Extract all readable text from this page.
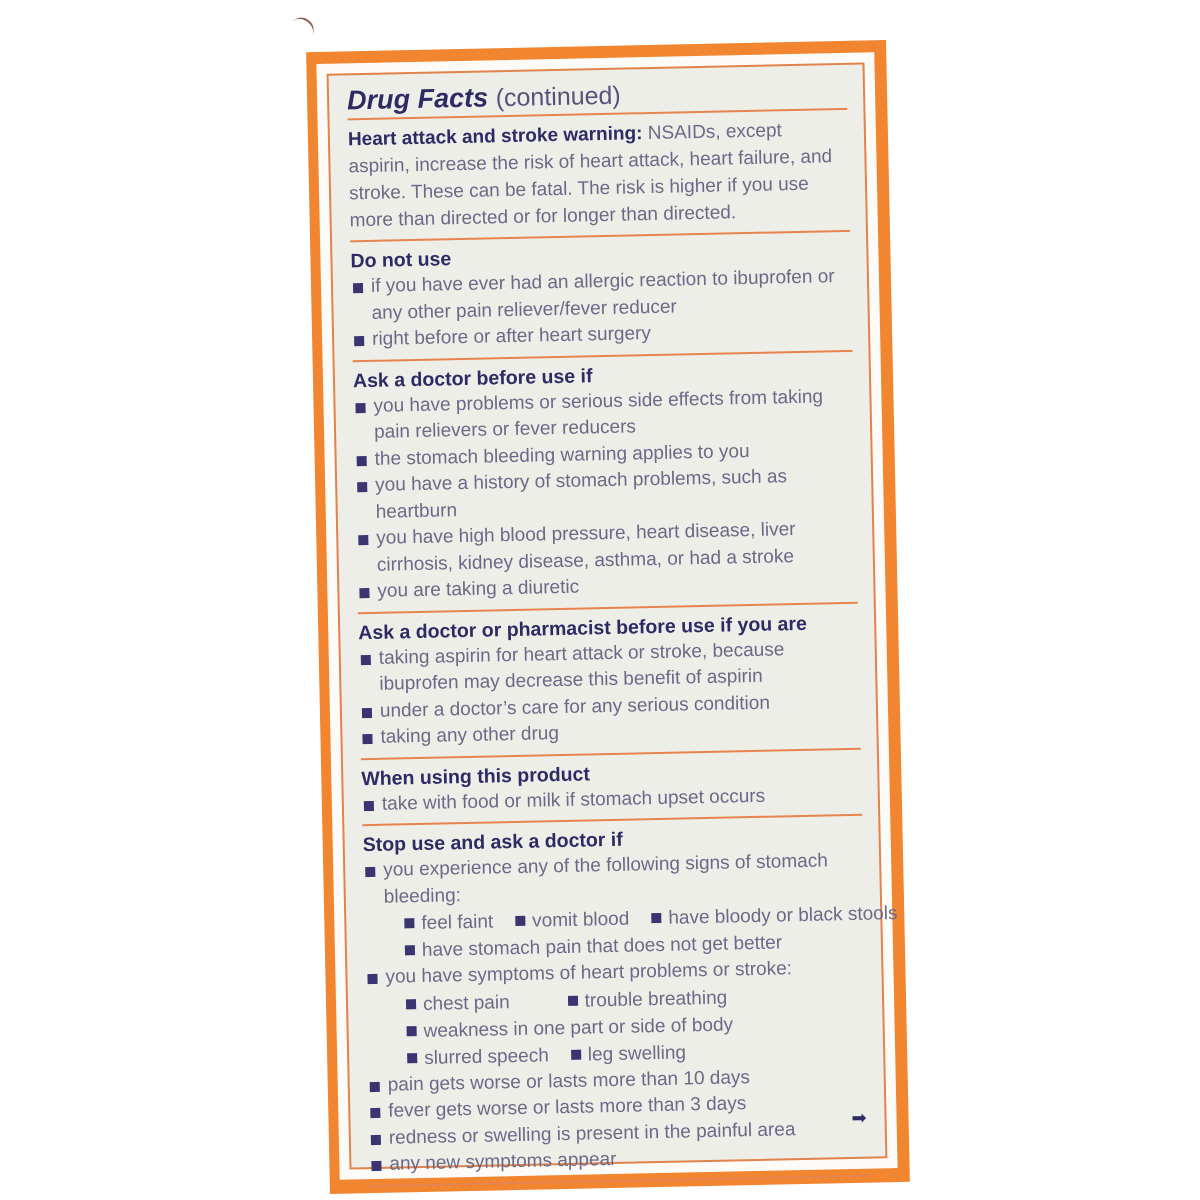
Drug Facts (continued)
Heart attack and stroke warning: NSAIDs, except aspirin, increase the risk of heart attack, heart failure, and stroke. These can be fatal. The risk is higher if you use more than directed or for longer than directed.
Do not use
if you have ever had an allergic reaction to ibuprofen or any other pain reliever/fever reducer
right before or after heart surgery
Ask a doctor before use if
you have problems or serious side effects from taking pain relievers or fever reducers
the stomach bleeding warning applies to you
you have a history of stomach problems, such as heartburn
you have high blood pressure, heart disease, liver cirrhosis, kidney disease, asthma, or had a stroke
you are taking a diuretic
Ask a doctor or pharmacist before use if you are
taking aspirin for heart attack or stroke, because ibuprofen may decrease this benefit of aspirin
under a doctor’s care for any serious condition
taking any other drug
When using this product
take with food or milk if stomach upset occurs
Stop use and ask a doctor if
you experience any of the following signs of stomach bleeding:
feel faint vomit blood have bloody or black stools
have stomach pain that does not get better
you have symptoms of heart problems or stroke:
chest pain	trouble breathing
weakness in one part or side of body
slurred speech leg swelling
pain gets worse or lasts more than 10 days
fever gets worse or lasts more than 3 days
redness or swelling is present in the painful area
any new symptoms appear
➡
